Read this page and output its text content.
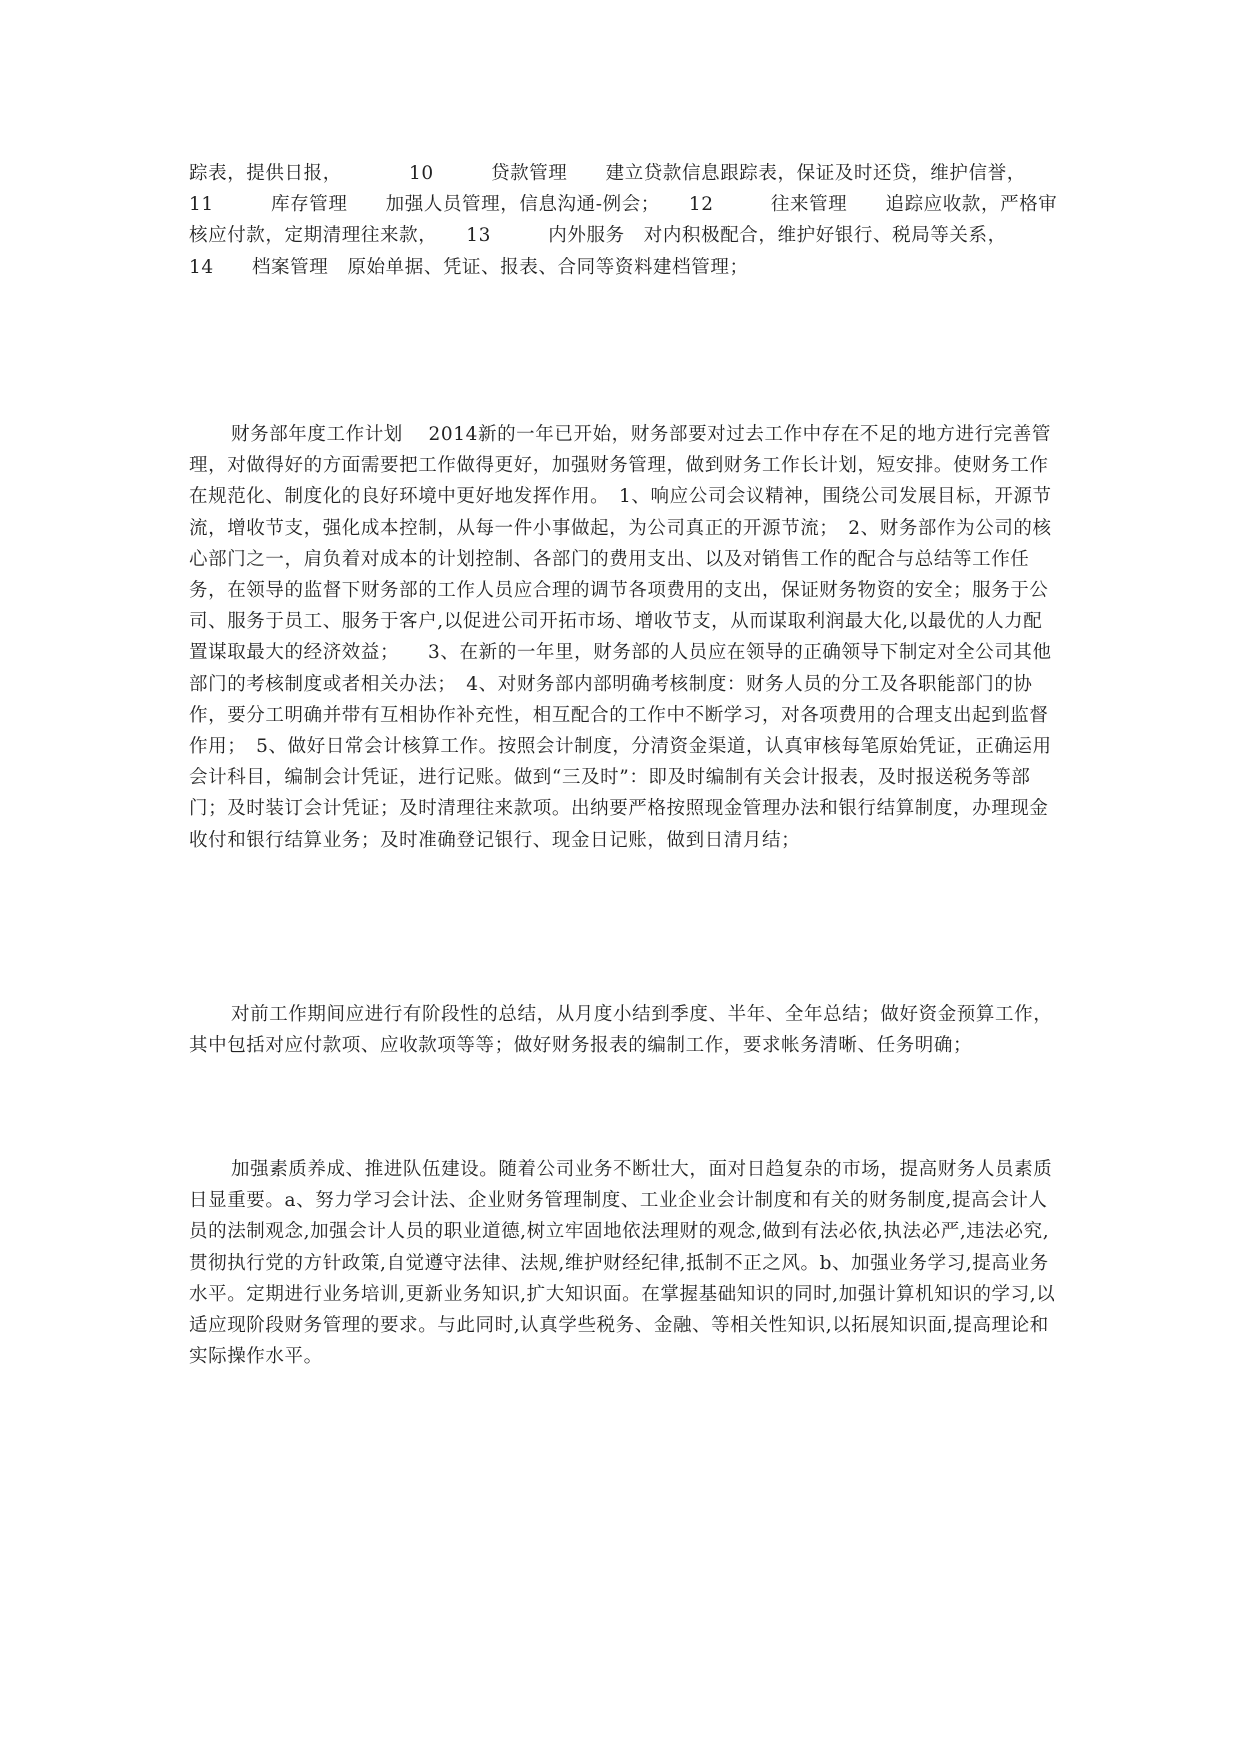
踪表，提供日报，　　　　10　　　贷款管理　　建立贷款信息跟踪表，保证及时还贷，维护信誉，　　11　　　库存管理　　加强人员管理，信息沟通-例会；　　12　　　往来管理　　追踪应收款，严格审核应付款，定期清理往来款，　　13　　　内外服务　对内积极配合，维护好银行、税局等关系，　　　　14　　档案管理　原始单据、凭证、报表、合同等资料建档管理；

财务部年度工作计划　 2014新的一年已开始，财务部要对过去工作中存在不足的地方进行完善管理，对做得好的方面需要把工作做得更好，加强财务管理，做到财务工作长计划，短安排。使财务工作在规范化、制度化的良好环境中更好地发挥作用。　1、响应公司会议精神，围绕公司发展目标，开源节流，增收节支，强化成本控制，从每一件小事做起，为公司真正的开源节流；　2、财务部作为公司的核心部门之一，肩负着对成本的计划控制、各部门的费用支出、以及对销售工作的配合与总结等工作任务，在领导的监督下财务部的工作人员应合理的调节各项费用的支出，保证财务物资的安全；服务于公司、服务于员工、服务于客户,以促进公司开拓市场、增收节支，从而谋取利润最大化,以最优的人力配置谋取最大的经济效益；　　3、在新的一年里，财务部的人员应在领导的正确领导下制定对全公司其他部门的考核制度或者相关办法；　4、对财务部内部明确考核制度：财务人员的分工及各职能部门的协作，要分工明确并带有互相协作补充性，相互配合的工作中不断学习，对各项费用的合理支出起到监督作用；　5、做好日常会计核算工作。按照会计制度，分清资金渠道，认真审核每笔原始凭证，正确运用会计科目，编制会计凭证，进行记账。做到“三及时”：即及时编制有关会计报表，及时报送税务等部门；及时装订会计凭证；及时清理往来款项。出纳要严格按照现金管理办法和银行结算制度，办理现金收付和银行结算业务；及时准确登记银行、现金日记账，做到日清月结；

对前工作期间应进行有阶段性的总结，从月度小结到季度、半年、全年总结；做好资金预算工作，其中包括对应付款项、应收款项等等；做好财务报表的编制工作，要求帐务清晰、任务明确；

加强素质养成、推进队伍建设。随着公司业务不断壮大，面对日趋复杂的市场，提高财务人员素质日显重要。a、努力学习会计法、企业财务管理制度、工业企业会计制度和有关的财务制度,提高会计人员的法制观念,加强会计人员的职业道德,树立牢固地依法理财的观念,做到有法必依,执法必严,违法必究,贯彻执行党的方针政策,自觉遵守法律、法规,维护财经纪律,抵制不正之风。b、加强业务学习,提高业务水平。定期进行业务培训,更新业务知识,扩大知识面。在掌握基础知识的同时,加强计算机知识的学习,以适应现阶段财务管理的要求。与此同时,认真学些税务、金融、等相关性知识,以拓展知识面,提高理论和实际操作水平。
